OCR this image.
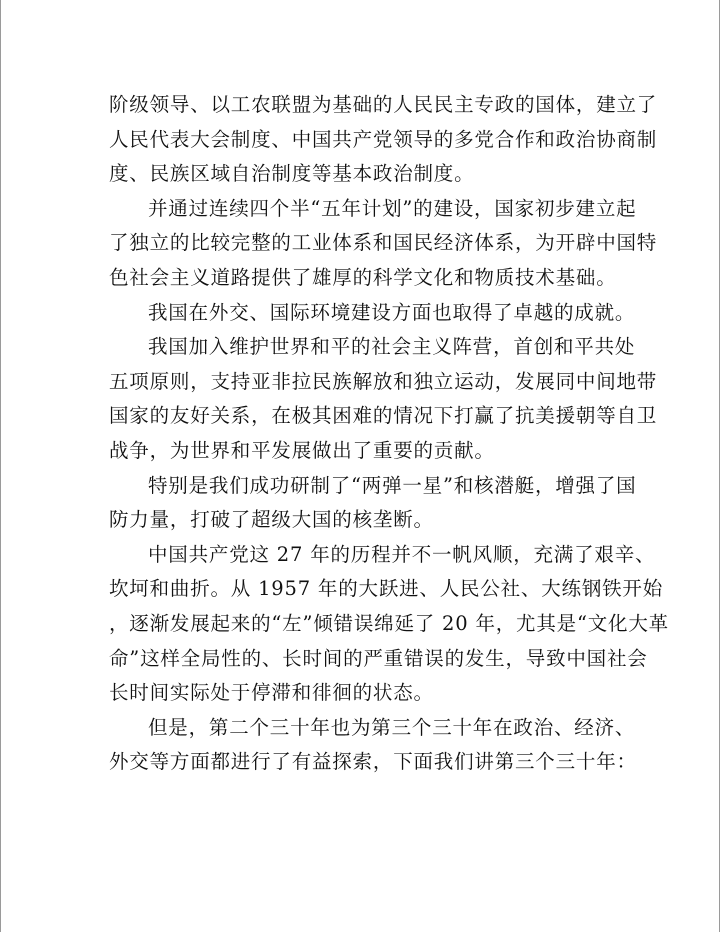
阶级领导、以工农联盟为基础的人民民主专政的国体，建立了
人民代表大会制度、中国共产党领导的多党合作和政治协商制
度、民族区域自治制度等基本政治制度。
并通过连续四个半“五年计划”的建设，国家初步建立起
了独立的比较完整的工业体系和国民经济体系，为开辟中国特
色社会主义道路提供了雄厚的科学文化和物质技术基础。
我国在外交、国际环境建设方面也取得了卓越的成就。
我国加入维护世界和平的社会主义阵营，首创和平共处
五项原则，支持亚非拉民族解放和独立运动，发展同中间地带
国家的友好关系，在极其困难的情况下打赢了抗美援朝等自卫
战争，为世界和平发展做出了重要的贡献。
特别是我们成功研制了“两弹一星”和核潜艇，增强了国
防力量，打破了超级大国的核垄断。
中国共产党这 27 年的历程并不一帆风顺，充满了艰辛、
坎坷和曲折。从 1957 年的大跃进、人民公社、大练钢铁开始
，逐渐发展起来的“左”倾错误绵延了 20 年，尤其是“文化大革
命”这样全局性的、长时间的严重错误的发生，导致中国社会
长时间实际处于停滞和徘徊的状态。
但是，第二个三十年也为第三个三十年在政治、经济、
外交等方面都进行了有益探索，下面我们讲第三个三十年：
